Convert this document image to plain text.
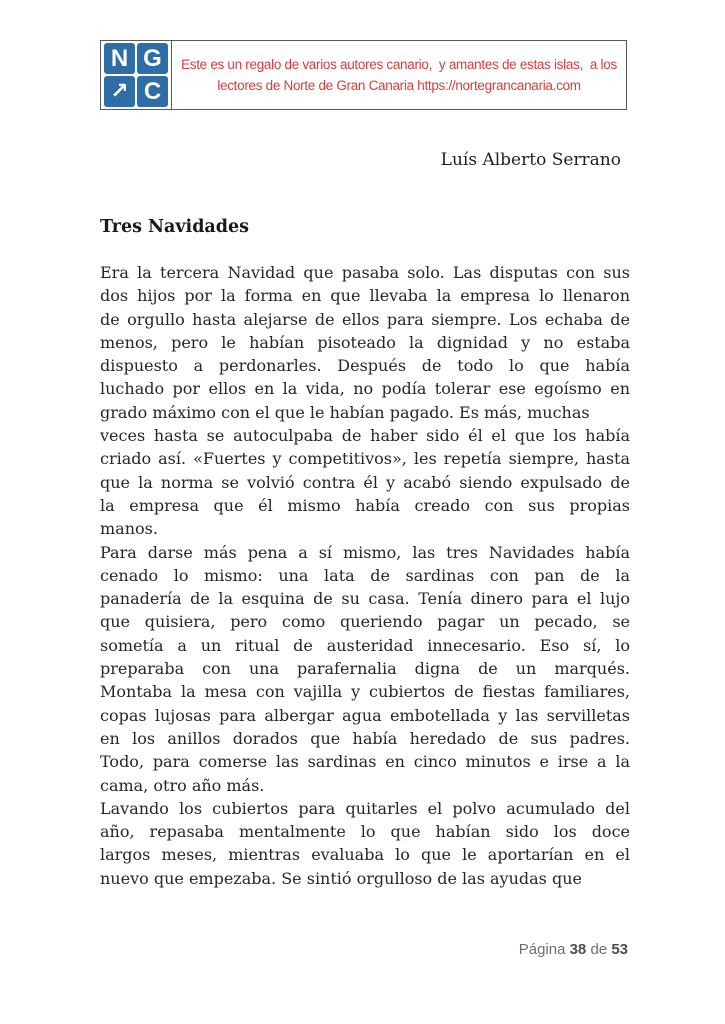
N G
↗ C
Este es un regalo de varios autores canario,  y amantes de estas islas,  a los
lectores de Norte de Gran Canaria https://nortegrancanaria.com
Luís Alberto Serrano
Tres Navidades
Era la tercera Navidad que pasaba solo. Las disputas con sus
dos hijos por la forma en que llevaba la empresa lo llenaron
de orgullo hasta alejarse de ellos para siempre. Los echaba de
menos, pero le habían pisoteado la dignidad y no estaba
dispuesto a perdonarles. Después de todo lo que había
luchado por ellos en la vida, no podía tolerar ese egoísmo en
grado máximo con el que le habían pagado. Es más, muchas
veces hasta se autoculpaba de haber sido él el que los había
criado así. «Fuertes y competitivos», les repetía siempre, hasta
que la norma se volvió contra él y acabó siendo expulsado de
la empresa que él mismo había creado con sus propias
manos.
Para darse más pena a sí mismo, las tres Navidades había
cenado lo mismo: una lata de sardinas con pan de la
panadería de la esquina de su casa. Tenía dinero para el lujo
que quisiera, pero como queriendo pagar un pecado, se
sometía a un ritual de austeridad innecesario. Eso sí, lo
preparaba con una parafernalia digna de un marqués.
Montaba la mesa con vajilla y cubiertos de fiestas familiares,
copas lujosas para albergar agua embotellada y las servilletas
en los anillos dorados que había heredado de sus padres.
Todo, para comerse las sardinas en cinco minutos e irse a la
cama, otro año más.
Lavando los cubiertos para quitarles el polvo acumulado del
año, repasaba mentalmente lo que habían sido los doce
largos meses, mientras evaluaba lo que le aportarían en el
nuevo que empezaba. Se sintió orgulloso de las ayudas que
Página 38 de 53
